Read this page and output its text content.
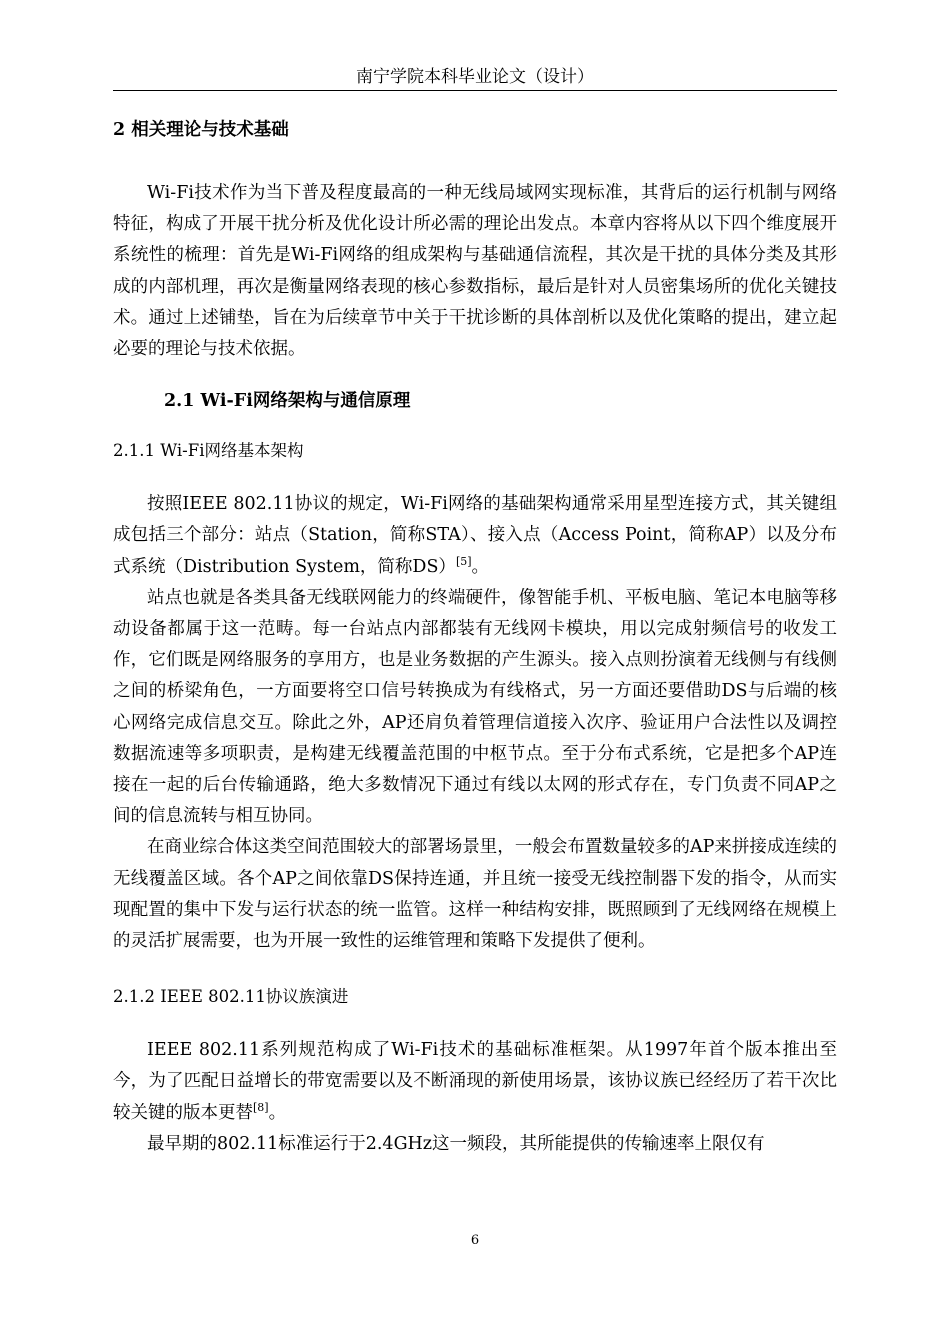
南宁学院本科毕业论文（设计）

2 相关理论与技术基础

Wi-Fi技术作为当下普及程度最高的一种无线局域网实现标准，其背后的运行机制与网络特征，构成了开展干扰分析及优化设计所必需的理论出发点。本章内容将从以下四个维度展开系统性的梳理：首先是Wi-Fi网络的组成架构与基础通信流程，其次是干扰的具体分类及其形成的内部机理，再次是衡量网络表现的核心参数指标，最后是针对人员密集场所的优化关键技术。通过上述铺垫，旨在为后续章节中关于干扰诊断的具体剖析以及优化策略的提出，建立起必要的理论与技术依据。

2.1 Wi-Fi网络架构与通信原理

2.1.1 Wi-Fi网络基本架构

按照IEEE 802.11协议的规定，Wi-Fi网络的基础架构通常采用星型连接方式，其关键组成包括三个部分：站点（Station，简称STA）、接入点（Access Point，简称AP）以及分布式系统（Distribution System，简称DS）[5]。

站点也就是各类具备无线联网能力的终端硬件，像智能手机、平板电脑、笔记本电脑等移动设备都属于这一范畴。每一台站点内部都装有无线网卡模块，用以完成射频信号的收发工作，它们既是网络服务的享用方，也是业务数据的产生源头。接入点则扮演着无线侧与有线侧之间的桥梁角色，一方面要将空口信号转换成为有线格式，另一方面还要借助DS与后端的核心网络完成信息交互。除此之外，AP还肩负着管理信道接入次序、验证用户合法性以及调控数据流速等多项职责，是构建无线覆盖范围的中枢节点。至于分布式系统，它是把多个AP连接在一起的后台传输通路，绝大多数情况下通过有线以太网的形式存在，专门负责不同AP之间的信息流转与相互协同。

在商业综合体这类空间范围较大的部署场景里，一般会布置数量较多的AP来拼接成连续的无线覆盖区域。各个AP之间依靠DS保持连通，并且统一接受无线控制器下发的指令，从而实现配置的集中下发与运行状态的统一监管。这样一种结构安排，既照顾到了无线网络在规模上的灵活扩展需要，也为开展一致性的运维管理和策略下发提供了便利。

2.1.2 IEEE 802.11协议族演进

IEEE 802.11系列规范构成了Wi-Fi技术的基础标准框架。从1997年首个版本推出至今，为了匹配日益增长的带宽需要以及不断涌现的新使用场景，该协议族已经经历了若干次比较关键的版本更替[8]。

最早期的802.11标准运行于2.4GHz这一频段，其所能提供的传输速率上限仅有

6
